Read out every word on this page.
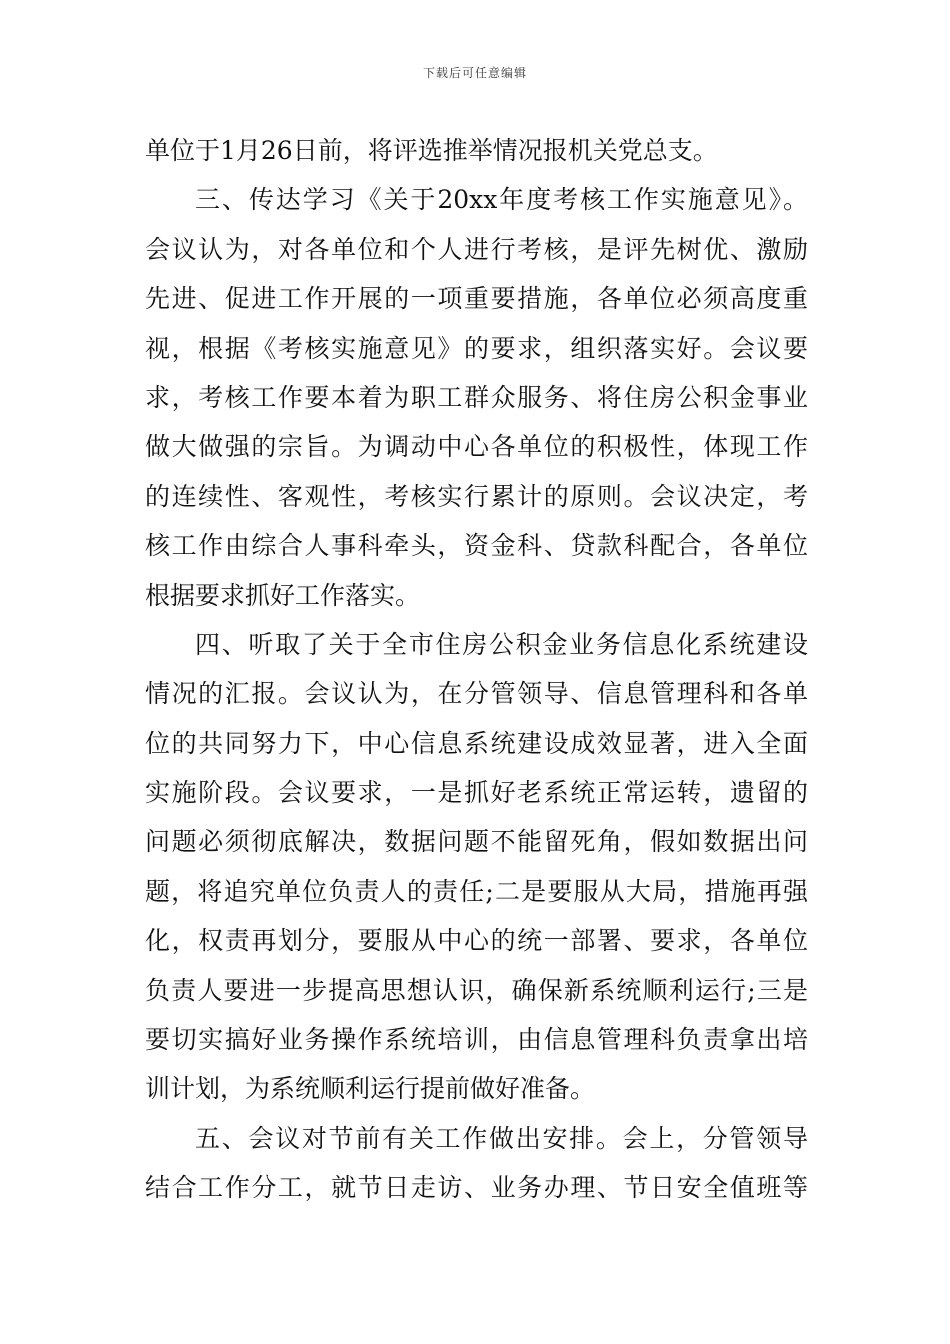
下载后可任意编辑
单位于1月26日前，将评选推举情况报机关党总支。
三、传达学习《关于20xx年度考核工作实施意见》。
会议认为，对各单位和个人进行考核，是评先树优、激励
先进、促进工作开展的一项重要措施，各单位必须高度重
视，根据《考核实施意见》的要求，组织落实好。会议要
求，考核工作要本着为职工群众服务、将住房公积金事业
做大做强的宗旨。为调动中心各单位的积极性，体现工作
的连续性、客观性，考核实行累计的原则。会议决定，考
核工作由综合人事科牵头，资金科、贷款科配合，各单位
根据要求抓好工作落实。
四、听取了关于全市住房公积金业务信息化系统建设
情况的汇报。会议认为，在分管领导、信息管理科和各单
位的共同努力下，中心信息系统建设成效显著，进入全面
实施阶段。会议要求，一是抓好老系统正常运转，遗留的
问题必须彻底解决，数据问题不能留死角，假如数据出问
题，将追究单位负责人的责任;二是要服从大局，措施再强
化，权责再划分，要服从中心的统一部署、要求，各单位
负责人要进一步提高思想认识，确保新系统顺利运行;三是
要切实搞好业务操作系统培训，由信息管理科负责拿出培
训计划，为系统顺利运行提前做好准备。
五、会议对节前有关工作做出安排。会上，分管领导
结合工作分工，就节日走访、业务办理、节日安全值班等
